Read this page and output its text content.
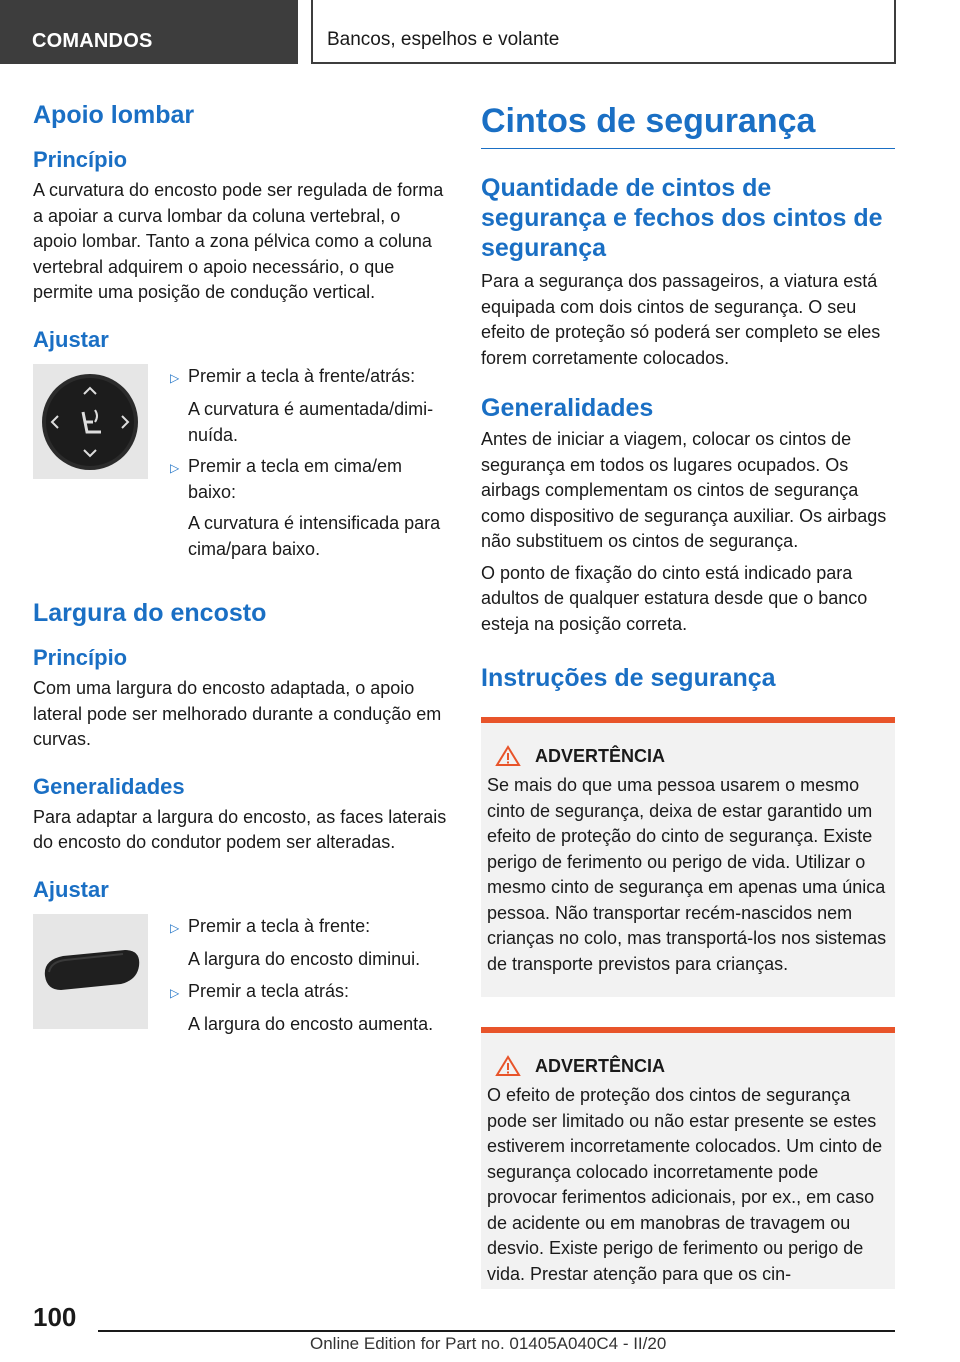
COMANDOS	Bancos, espelhos e volante
Apoio lombar
Princípio

A curvatura do encosto pode ser regulada de forma a apoiar a curva lombar da coluna vertebral, o apoio lombar. Tanto a zona pélvica como a coluna vertebral adquirem o apoio necessário, o que permite uma posição de condução vertical.

Ajustar
▷ Premir a tecla à frente/atrás:
A curvatura é aumentada/diminuída.
▷ Premir a tecla em cima/em baixo:
A curvatura é intensificada para cima/para baixo.
Largura do encosto
Princípio

Com uma largura do encosto adaptada, o apoio lateral pode ser melhorado durante a condução em curvas.

Generalidades

Para adaptar a largura do encosto, as faces laterais do encosto do condutor podem ser alteradas.

Ajustar
▷ Premir a tecla à frente:
A largura do encosto diminui.
▷ Premir a tecla atrás:
A largura do encosto aumenta.
Cintos de segurança
Quantidade de cintos de segurança e fechos dos cintos de segurança

Para a segurança dos passageiros, a viatura está equipada com dois cintos de segurança. O seu efeito de proteção só poderá ser completo se eles forem corretamente colocados.

Generalidades

Antes de iniciar a viagem, colocar os cintos de segurança em todos os lugares ocupados. Os airbags complementam os cintos de segurança como dispositivo de segurança auxiliar. Os airbags não substituem os cintos de segurança.

O ponto de fixação do cinto está indicado para adultos de qualquer estatura desde que o banco esteja na posição correta.

Instruções de segurança
ADVERTÊNCIA

Se mais do que uma pessoa usarem o mesmo cinto de segurança, deixa de estar garantido um efeito de proteção do cinto de segurança. Existe perigo de ferimento ou perigo de vida. Utilizar o mesmo cinto de segurança em apenas uma única pessoa. Não transportar recém-nascidos nem crianças no colo, mas transportá-los nos sistemas de transporte previstos para crianças.

ADVERTÊNCIA

O efeito de proteção dos cintos de segurança pode ser limitado ou não estar presente se estes estiverem incorretamente colocados. Um cinto de segurança colocado incorretamente pode provocar ferimentos adicionais, por ex., em caso de acidente ou em manobras de travagem ou desvio. Existe perigo de ferimento ou perigo de vida. Prestar atenção para que os cin-

100
Online Edition for Part no. 01405A040C4 - II/20
